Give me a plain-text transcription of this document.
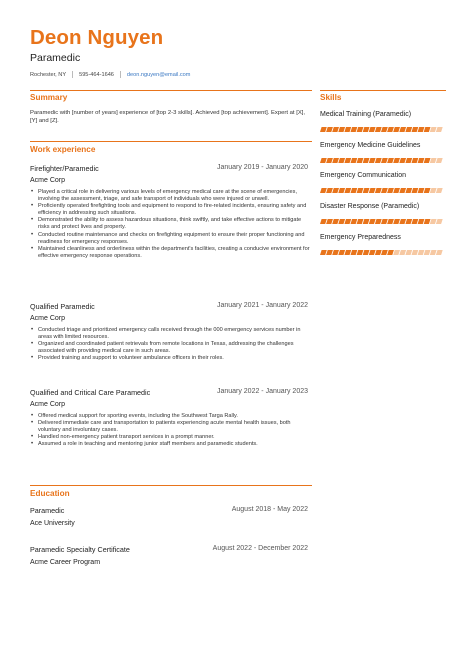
Deon Nguyen
Paramedic
Rochester, NY 595-464-1646 deon.nguyen@email.com
Summary
Paramedic with [number of years] experience of [top 2-3 skills]. Achieved [top achievement]. Expert at [X], [Y] and [Z].
Work experience
Firefighter/Paramedic	January 2019 - January 2020
Acme Corp
• Played a critical role in delivering various levels of emergency medical care at the scene of emergencies, involving the assessment, triage, and safe transport of individuals who were injured or unwell.
• Proficiently operated firefighting tools and equipment to respond to fire-related incidents, ensuring safety and efficiency in addressing such situations.
• Demonstrated the ability to assess hazardous situations, think swiftly, and take effective actions to mitigate risks and protect lives and property.
• Conducted routine maintenance and checks on firefighting equipment to ensure their proper functioning and readiness for emergency responses.
• Maintained cleanliness and orderliness within the department's facilities, creating a conducive environment for effective emergency response operations.
Qualified Paramedic	January 2021 - January 2022
Acme Corp
• Conducted triage and prioritized emergency calls received through the 000 emergency services number in areas with limited resources.
• Organized and coordinated patient retrievals from remote locations in Texas, addressing the challenges associated with providing medical care in such areas.
• Provided training and support to volunteer ambulance officers in their roles.
Qualified and Critical Care Paramedic	January 2022 - January 2023
Acme Corp
• Offered medical support for sporting events, including the Southwest Targa Rally.
• Delivered immediate care and transportation to patients experiencing acute mental health issues, both voluntary and involuntary cases.
• Handled non-emergency patient transport services in a prompt manner.
• Assumed a role in teaching and mentoring junior staff members and paramedic students.
Education
Paramedic	August 2018 - May 2022
Ace University
Paramedic Specialty Certificate	August 2022 - December 2022
Acme Career Program
Skills
Medical Training (Paramedic)
Emergency Medicine Guidelines
Emergency Communication
Disaster Response (Paramedic)
Emergency Preparedness
